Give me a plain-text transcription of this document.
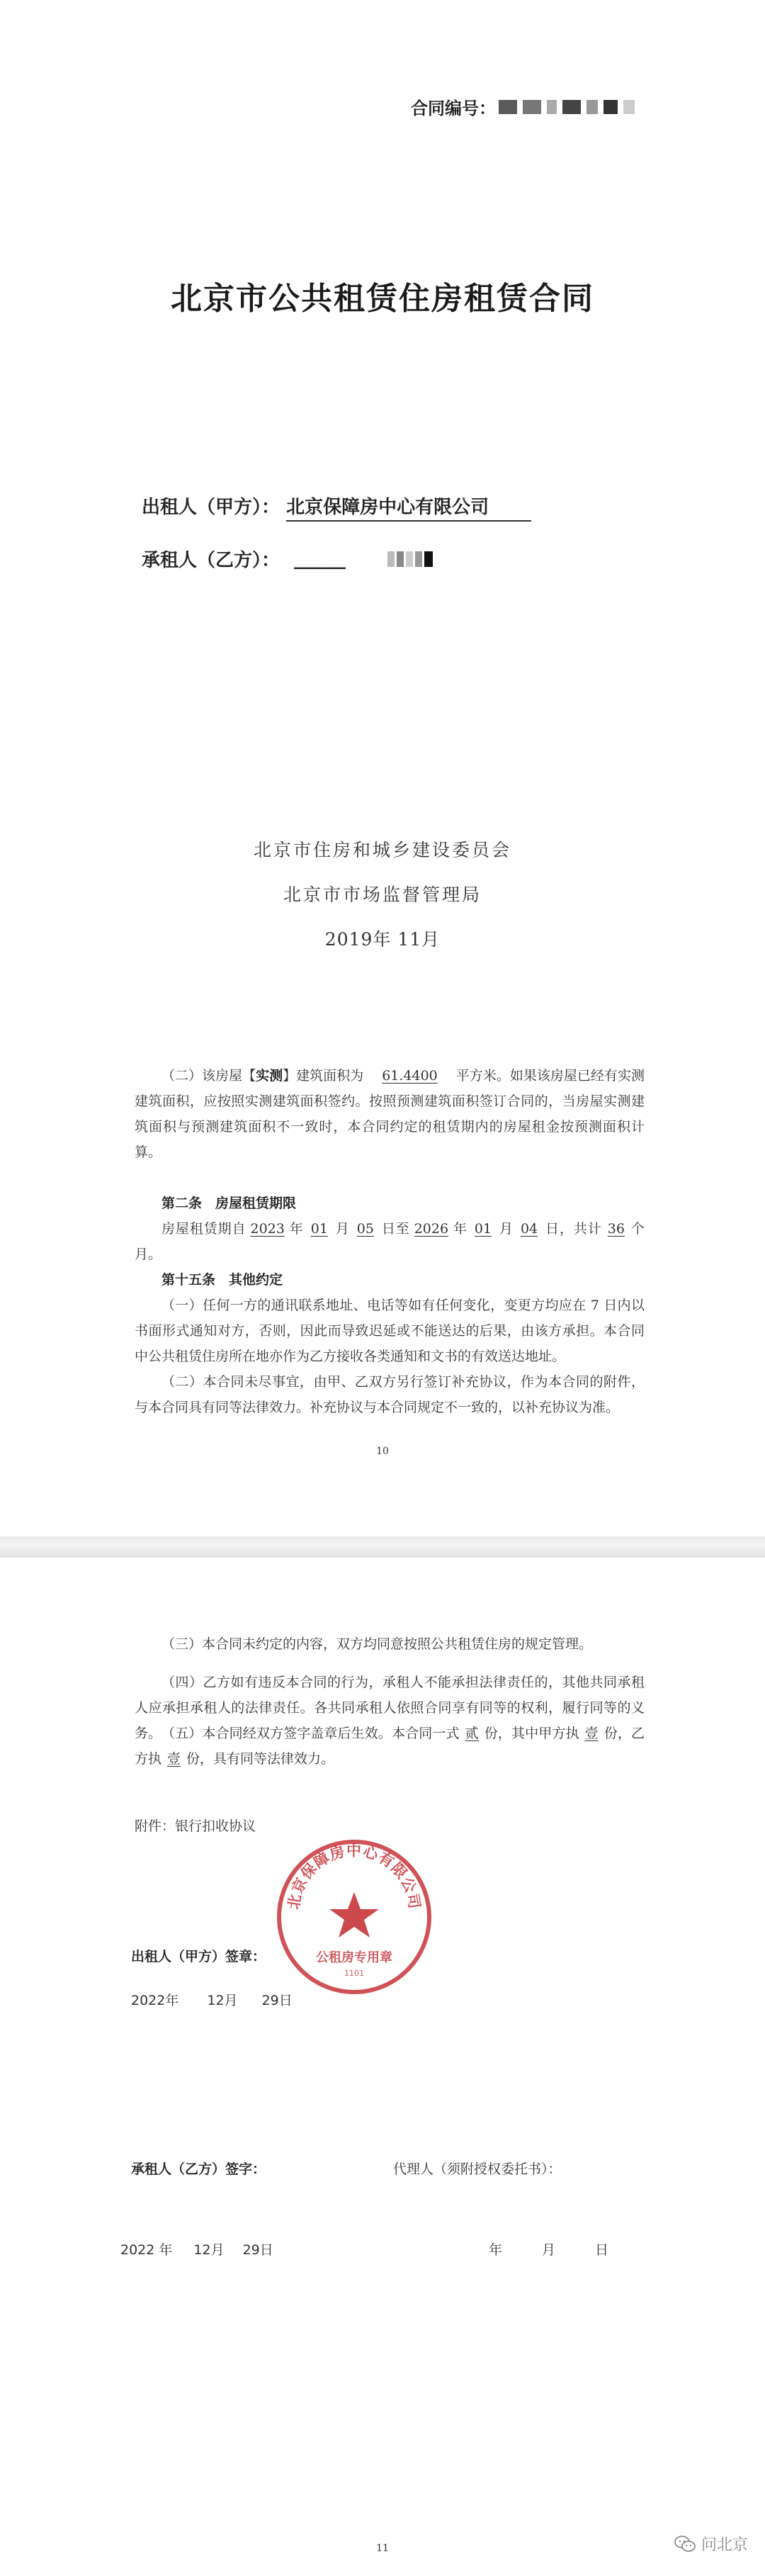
合同编号：
北京市公共租赁住房租赁合同
出租人（甲方）： 北京保障房中心有限公司
承租人（乙方）： ______
北京市住房和城乡建设委员会
北京市市场监督管理局
2019年 11月
（二）该房屋【实测】建筑面积为 61.4400 平方米。如果该房屋已经有实测建筑面积，应按照实测建筑面积签约。按照预测建筑面积签订合同的，当房屋实测建筑面积与预测建筑面积不一致时，本合同约定的租赁期内的房屋租金按预测面积计算。
第二条　房屋租赁期限
房屋租赁期自 2023 年 01 月 05 日至 2026 年 01 月 04 日，共计 36 个月。
第十五条　其他约定
（一）任何一方的通讯联系地址、电话等如有任何变化，变更方均应在 7 日内以书面形式通知对方，否则，因此而导致迟延或不能送达的后果，由该方承担。本合同中公共租赁住房所在地亦作为乙方接收各类通知和文书的有效送达地址。
（二）本合同未尽事宜，由甲、乙双方另行签订补充协议，作为本合同的附件，与本合同具有同等法律效力。补充协议与本合同规定不一致的，以补充协议为准。
10
（三）本合同未约定的内容，双方均同意按照公共租赁住房的规定管理。
（四）乙方如有违反本合同的行为，承租人不能承担法律责任的，其他共同承租人应承担承租人的法律责任。各共同承租人依照合同享有同等的权利，履行同等的义务。 （五）本合同经双方签字盖章后生效。本合同一式 贰 份，其中甲方执 壹 份，乙方执 壹 份，具有同等法律效力。
附件：银行扣收协议
北京保障房中心有限公司
公租房专用章
1101
出租人（甲方）签章：
2022年 12月 29日
承租人（乙方）签字：	代理人（须附授权委托书）：
2022 年 12月 29日	年	月	日
11	问北京
